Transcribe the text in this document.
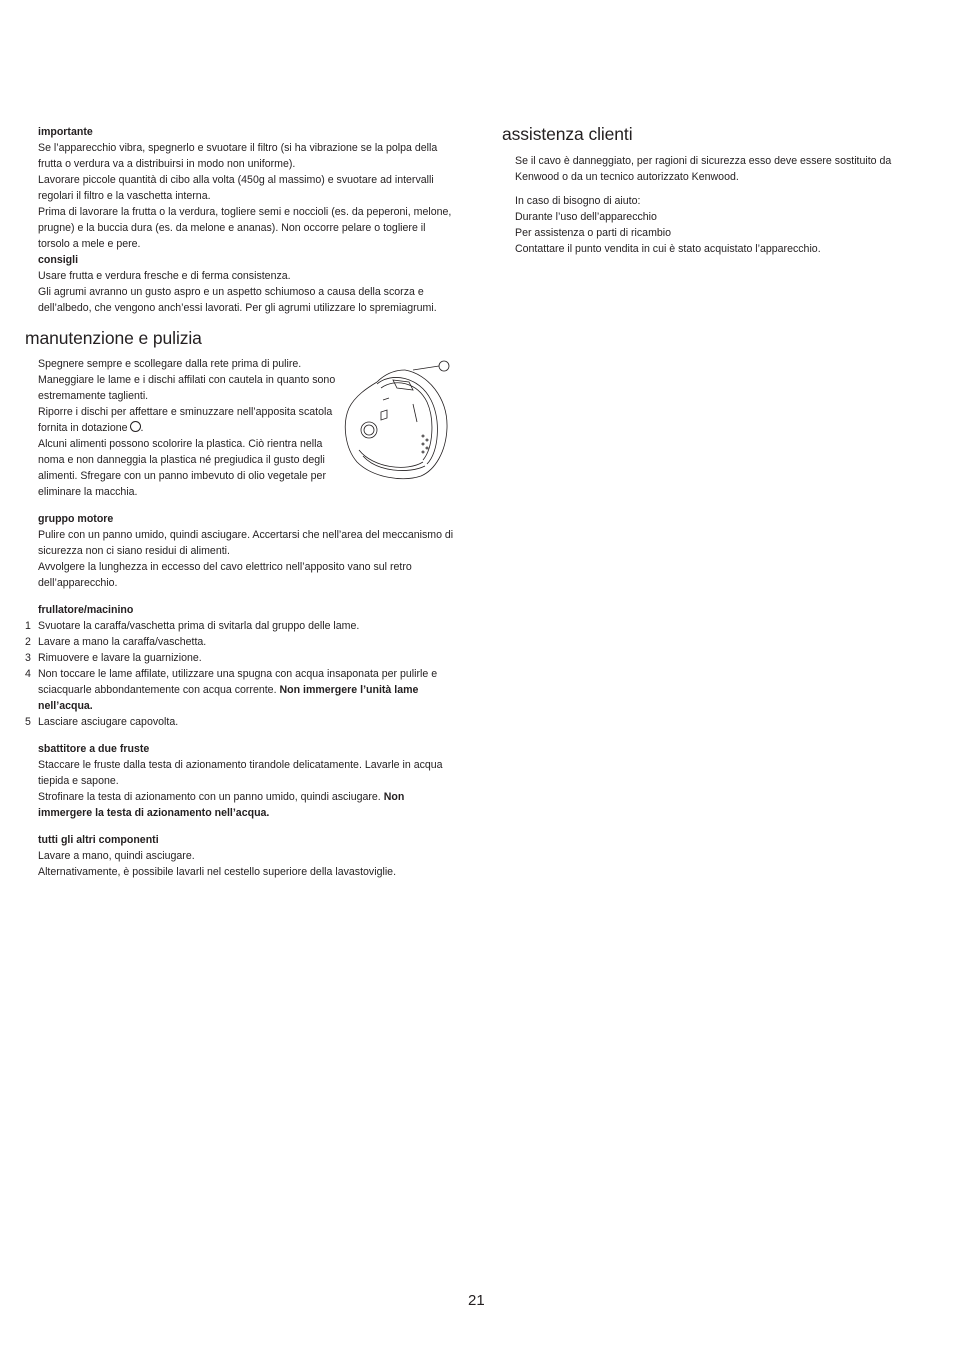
importante

Se l’apparecchio vibra, spegnerlo e svuotare il filtro (si ha vibrazione se la polpa della frutta o verdura va a distribuirsi in modo non uniforme).

Lavorare piccole quantità di cibo alla volta (450g al massimo) e svuotare ad intervalli regolari il filtro e la vaschetta interna.

Prima di lavorare la frutta o la verdura, togliere semi e noccioli (es. da peperoni, melone, prugne) e la buccia dura (es. da melone e ananas). Non occorre pelare o togliere il torsolo a mele e pere.

consigli

Usare frutta e verdura fresche e di ferma consistenza.

Gli agrumi avranno un gusto aspro e un aspetto schiumoso a causa della scorza e dell’albedo, che vengono anch’essi lavorati. Per gli agrumi utilizzare lo spremiagrumi.

manutenzione e pulizia

Spegnere sempre e scollegare dalla rete prima di pulire.

Maneggiare le lame e i dischi affilati con cautela in quanto sono estremamente taglienti.

Riporre i dischi per affettare e sminuzzare nell’apposita scatola fornita in dotazione .

Alcuni alimenti possono scolorire la plastica. Ciò rientra nella noma e non danneggia la plastica né pregiudica il gusto degli alimenti. Sfregare con un panno imbevuto di olio vegetale per eliminare la macchia.

gruppo motore

Pulire con un panno umido, quindi asciugare. Accertarsi che nell’area del meccanismo di sicurezza non ci siano residui di alimenti.

Avvolgere la lunghezza in eccesso del cavo elettrico nell’apposito vano sul retro dell’apparecchio.

frullatore/macinino
1 Svuotare la caraffa/vaschetta prima di svitarla dal gruppo delle lame.
2 Lavare a mano la caraffa/vaschetta.
3 Rimuovere e lavare la guarnizione.
4 Non toccare le lame affilate, utilizzare una spugna con acqua insaponata per pulirle e sciacquarle abbondantemente con acqua corrente. Non immergere l’unità lame nell’acqua.
5 Lasciare asciugare capovolta.
sbattitore a due fruste

Staccare le fruste dalla testa di azionamento tirandole delicatamente. Lavarle in acqua tiepida e sapone.

Strofinare la testa di azionamento con un panno umido, quindi asciugare. Non immergere la testa di azionamento nell’acqua.

tutti gli altri componenti

Lavare a mano, quindi asciugare.

Alternativamente, è possibile lavarli nel cestello superiore della lavastoviglie.

assistenza clienti

Se il cavo è danneggiato, per ragioni di sicurezza esso deve essere sostituito da Kenwood o da un tecnico autorizzato Kenwood.

In caso di bisogno di aiuto:

Durante l’uso dell’apparecchio

Per assistenza o parti di ricambio

Contattare il punto vendita in cui è stato acquistato l’apparecchio.

21
